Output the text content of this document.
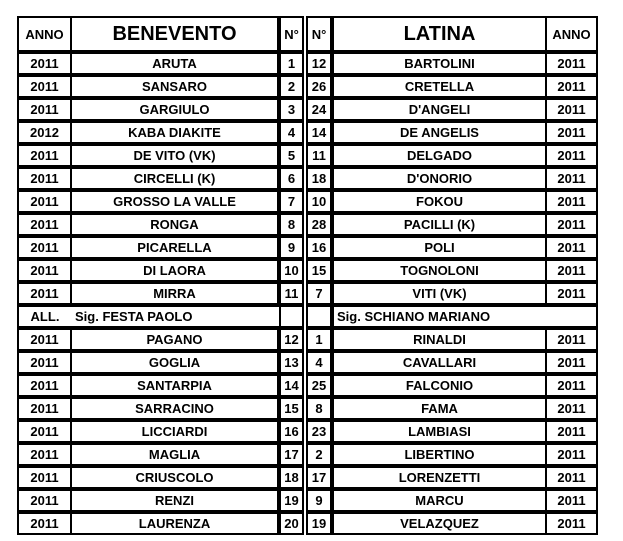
ANNO	BENEVENTO	N°		N°	LATINA	ANNO
2011	ARUTA	1		12	BARTOLINI	2011
2011	SANSARO	2		26	CRETELLA	2011
2011	GARGIULO	3		24	D'ANGELI	2011
2012	KABA DIAKITE	4		14	DE ANGELIS	2011
2011	DE VITO (VK)	5		11	DELGADO	2011
2011	CIRCELLI (K)	6		18	D'ONORIO	2011
2011	GROSSO LA VALLE	7		10	FOKOU	2011
2011	RONGA	8		28	PACILLI (K)	2011
2011	PICARELLA	9		16	POLI	2011
2011	DI LAORA	10		15	TOGNOLONI	2011
2011	MIRRA	11		7	VITI (VK)	2011
ALL.	Sig. FESTA PAOLO				Sig. SCHIANO MARIANO	
2011	PAGANO	12		1	RINALDI	2011
2011	GOGLIA	13		4	CAVALLARI	2011
2011	SANTARPIA	14		25	FALCONIO	2011
2011	SARRACINO	15		8	FAMA	2011
2011	LICCIARDI	16		23	LAMBIASI	2011
2011	MAGLIA	17		2	LIBERTINO	2011
2011	CRIUSCOLO	18		17	LORENZETTI	2011
2011	RENZI	19		9	MARCU	2011
2011	LAURENZA	20		19	VELAZQUEZ	2011
